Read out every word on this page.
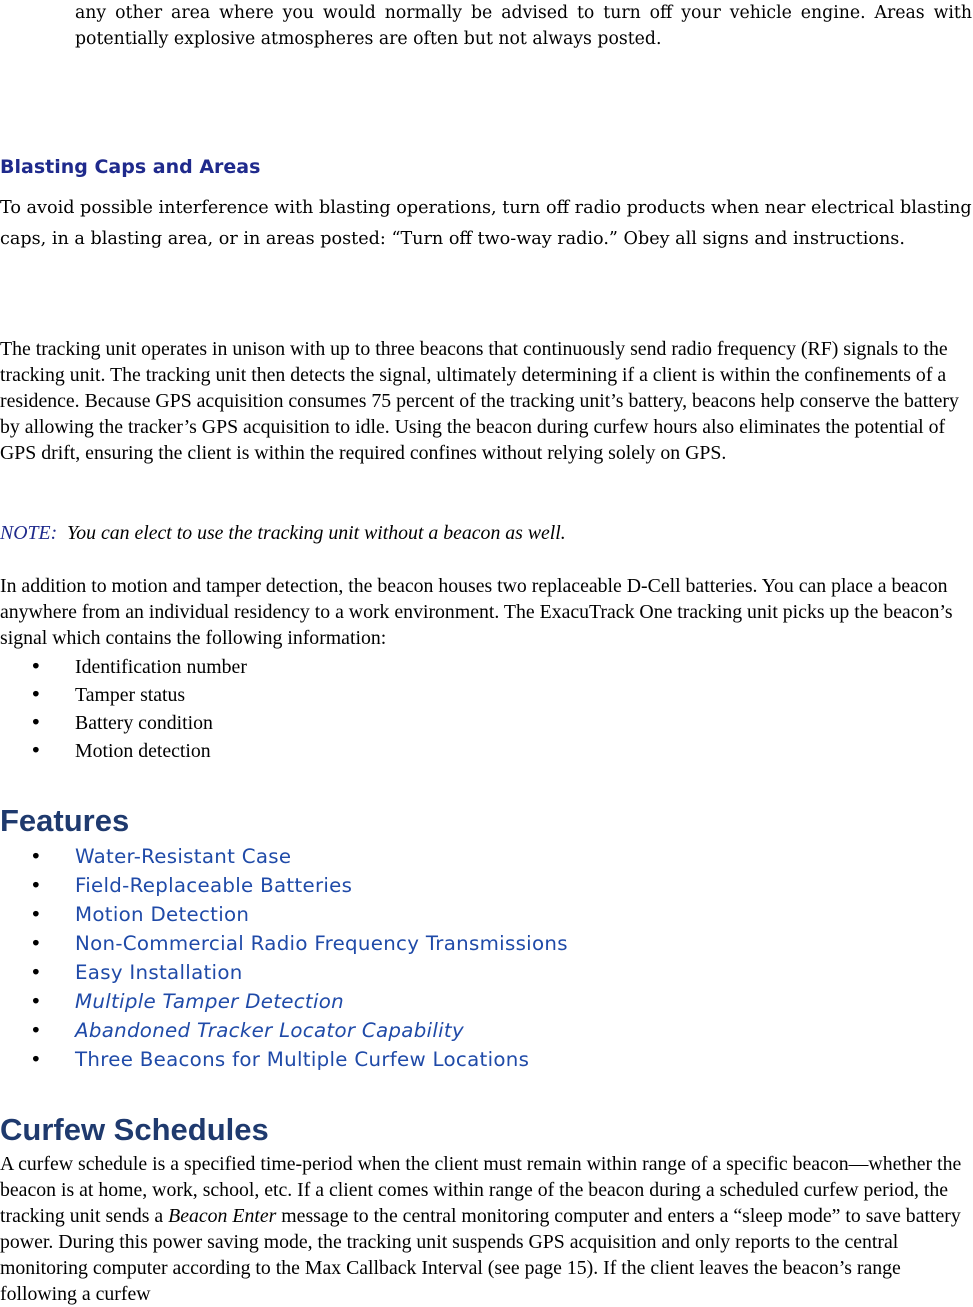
any other area where you would normally be advised to turn off your vehicle engine. Areas with potentially explosive atmospheres are often but not always posted.

Blasting Caps and Areas

To avoid possible interference with blasting operations, turn off radio products when near electrical blasting caps, in a blasting area, or in areas posted: “Turn off two-way radio.” Obey all signs and instructions.

The tracking unit operates in unison with up to three beacons that continuously send radio frequency (RF) signals to the tracking unit. The tracking unit then detects the signal, ultimately determining if a client is within the confinements of a residence. Because GPS acquisition consumes 75 percent of the tracking unit’s battery, beacons help conserve the battery by allowing the tracker’s GPS acquisition to idle. Using the beacon during curfew hours also eliminates the potential of GPS drift, ensuring the client is within the required confines without relying solely on GPS.

NOTE: You can elect to use the tracking unit without a beacon as well.

In addition to motion and tamper detection, the beacon houses two replaceable D-Cell batteries. You can place a beacon anywhere from an individual residency to a work environment. The ExacuTrack One tracking unit picks up the beacon’s signal which contains the following information:

• Identification number
• Tamper status
• Battery condition
• Motion detection
Features
• Water-Resistant Case
• Field-Replaceable Batteries
• Motion Detection
• Non-Commercial Radio Frequency Transmissions
• Easy Installation
• Multiple Tamper Detection
• Abandoned Tracker Locator Capability
• Three Beacons for Multiple Curfew Locations
Curfew Schedules

A curfew schedule is a specified time-period when the client must remain within range of a specific beacon—whether the beacon is at home, work, school, etc. If a client comes within range of the beacon during a scheduled curfew period, the tracking unit sends a Beacon Enter message to the central monitoring computer and enters a “sleep mode” to save battery power. During this power saving mode, the tracking unit suspends GPS acquisition and only reports to the central monitoring computer according to the Max Callback Interval (see page 15). If the client leaves the beacon’s range following a curfew
